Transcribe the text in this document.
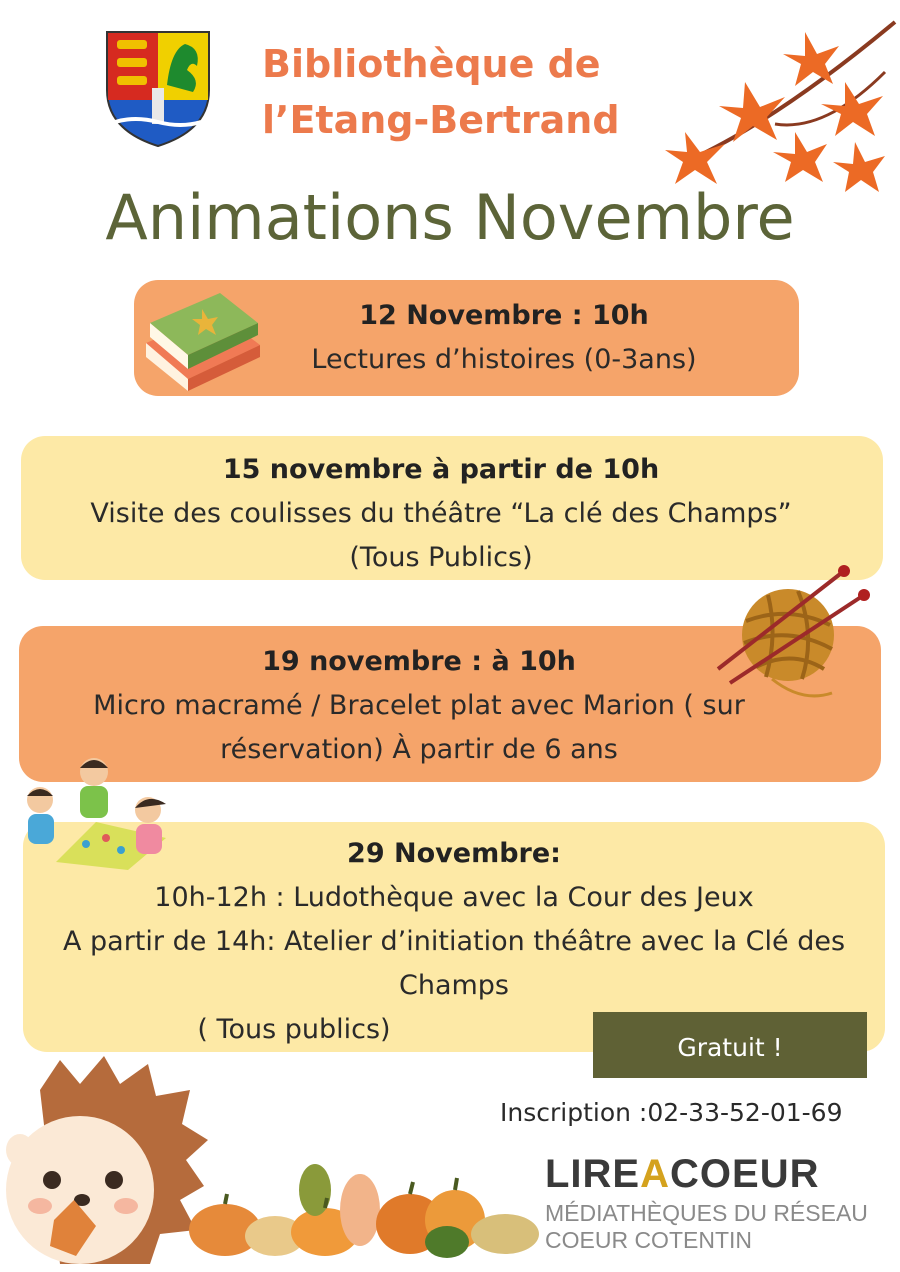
Bibliothèque de
l’Etang-Bertrand
Animations Novembre
12 Novembre : 10h
Lectures d’histoires (0-3ans)
15 novembre à partir de 10h
Visite des coulisses du théâtre “La clé des Champs”
(Tous Publics)
19 novembre : à 10h
Micro macramé / Bracelet plat avec Marion ( sur
réservation) À partir de 6 ans
29 Novembre:
10h-12h : Ludothèque avec la Cour des Jeux
A partir de 14h: Atelier d’initiation théâtre avec la Clé des
Champs
( Tous publics)
Gratuit !
Inscription :02-33-52-01-69
LIREACOEUR
MÉDIATHÈQUES DU RÉSEAU
COEUR COTENTIN
